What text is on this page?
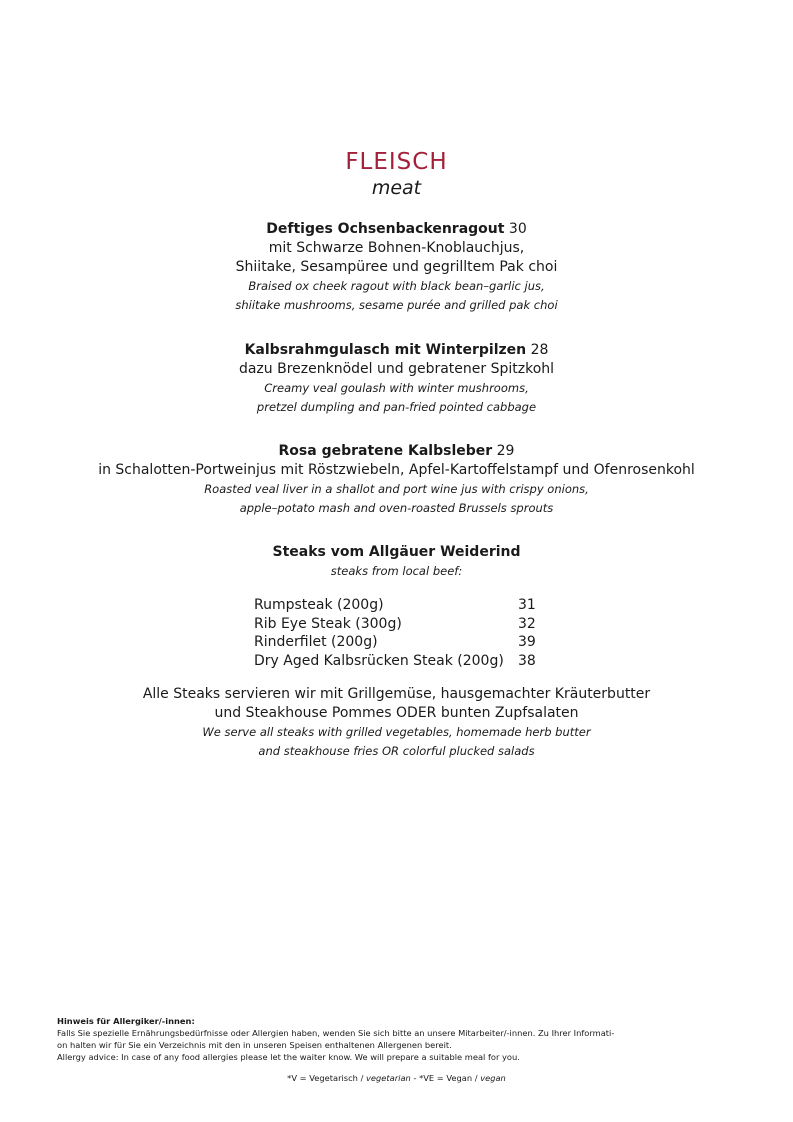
FLEISCH
meat
Deftiges Ochsenbackenragout 30
mit Schwarze Bohnen-Knoblauchjus,
Shiitake, Sesampüree und gegrilltem Pak choi
Braised ox cheek ragout with black bean–garlic jus,
shiitake mushrooms, sesame purée and grilled pak choi
Kalbsrahmgulasch mit Winterpilzen 28
dazu Brezenknödel und gebratener Spitzkohl
Creamy veal goulash with winter mushrooms,
pretzel dumpling and pan-fried pointed cabbage
Rosa gebratene Kalbsleber 29
in Schalotten-Portweinjus mit Röstzwiebeln, Apfel-Kartoffelstampf und Ofenrosenkohl
Roasted veal liver in a shallot and port wine jus with crispy onions,
apple–potato mash and oven-roasted Brussels sprouts
Steaks vom Allgäuer Weiderind
steaks from local beef:
Rumpsteak (200g)	31
Rib Eye Steak (300g)	32
Rinderfilet (200g)	39
Dry Aged Kalbsrücken Steak (200g)	38
Alle Steaks servieren wir mit Grillgemüse, hausgemachter Kräuterbutter
und Steakhouse Pommes ODER bunten Zupfsalaten
We serve all steaks with grilled vegetables, homemade herb butter
and steakhouse fries OR colorful plucked salads
Hinweis für Allergiker/-innen:
Falls Sie spezielle Ernährungsbedürfnisse oder Allergien haben, wenden Sie sich bitte an unsere Mitarbeiter/-innen. Zu Ihrer Informati-
on halten wir für Sie ein Verzeichnis mit den in unseren Speisen enthaltenen Allergenen bereit.
Allergy advice: In case of any food allergies please let the waiter know. We will prepare a suitable meal for you.
*V = Vegetarisch / vegetarian - *VE = Vegan / vegan
